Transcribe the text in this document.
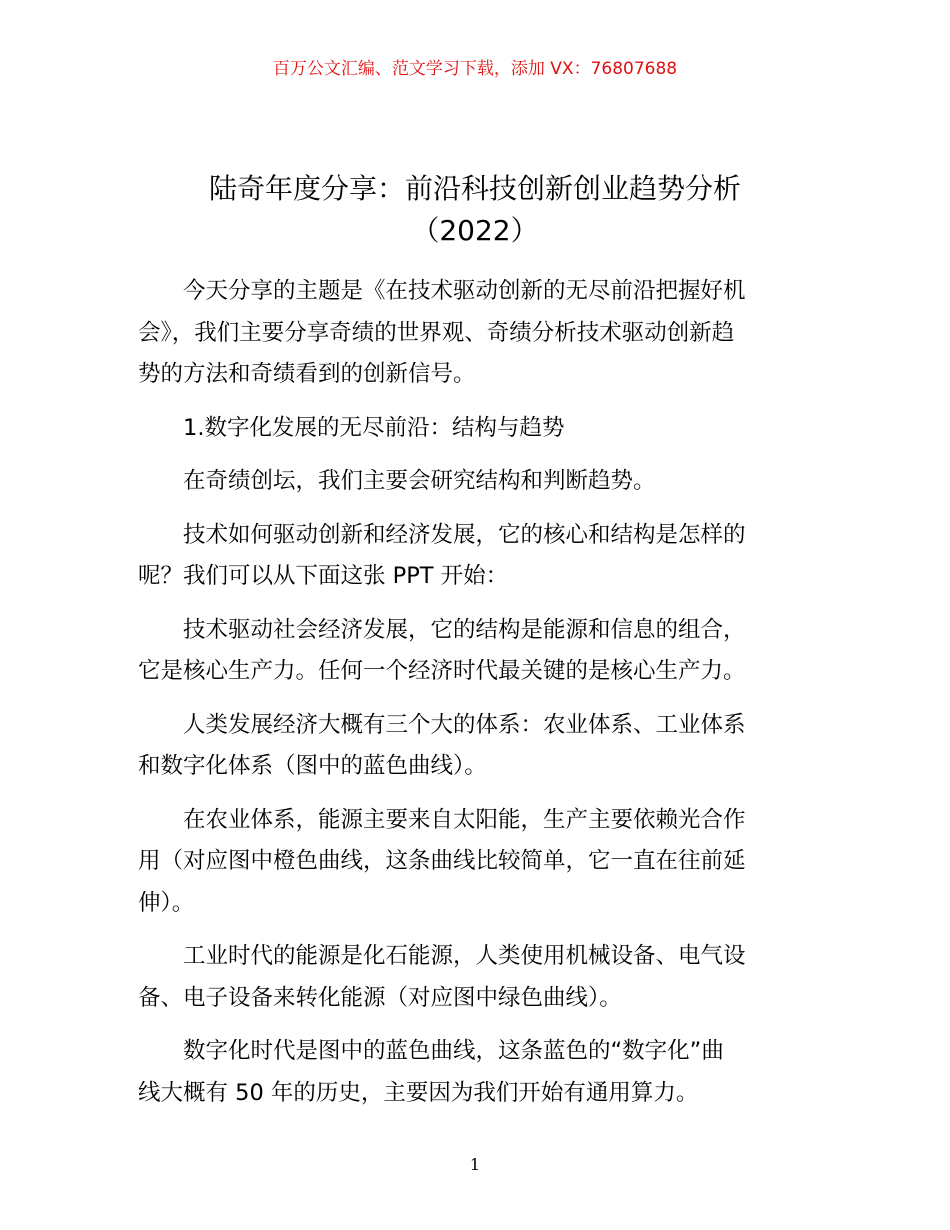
百万公文汇编、范文学习下载，添加 VX：76807688
陆奇年度分享：前沿科技创新创业趋势分析
（2022）

今天分享的主题是《在技术驱动创新的无尽前沿把握好机
会》，我们主要分享奇绩的世界观、奇绩分析技术驱动创新趋
势的方法和奇绩看到的创新信号。

1.数字化发展的无尽前沿：结构与趋势

在奇绩创坛，我们主要会研究结构和判断趋势。

技术如何驱动创新和经济发展，它的核心和结构是怎样的
呢？我们可以从下面这张 PPT 开始：

技术驱动社会经济发展，它的结构是能源和信息的组合，
它是核心生产力。任何一个经济时代最关键的是核心生产力。

人类发展经济大概有三个大的体系：农业体系、工业体系
和数字化体系（图中的蓝色曲线）。

在农业体系，能源主要来自太阳能，生产主要依赖光合作
用（对应图中橙色曲线，这条曲线比较简单，它一直在往前延
伸）。

工业时代的能源是化石能源，人类使用机械设备、电气设
备、电子设备来转化能源（对应图中绿色曲线）。

数字化时代是图中的蓝色曲线，这条蓝色的“数字化”曲
线大概有 50 年的历史，主要因为我们开始有通用算力。

1
